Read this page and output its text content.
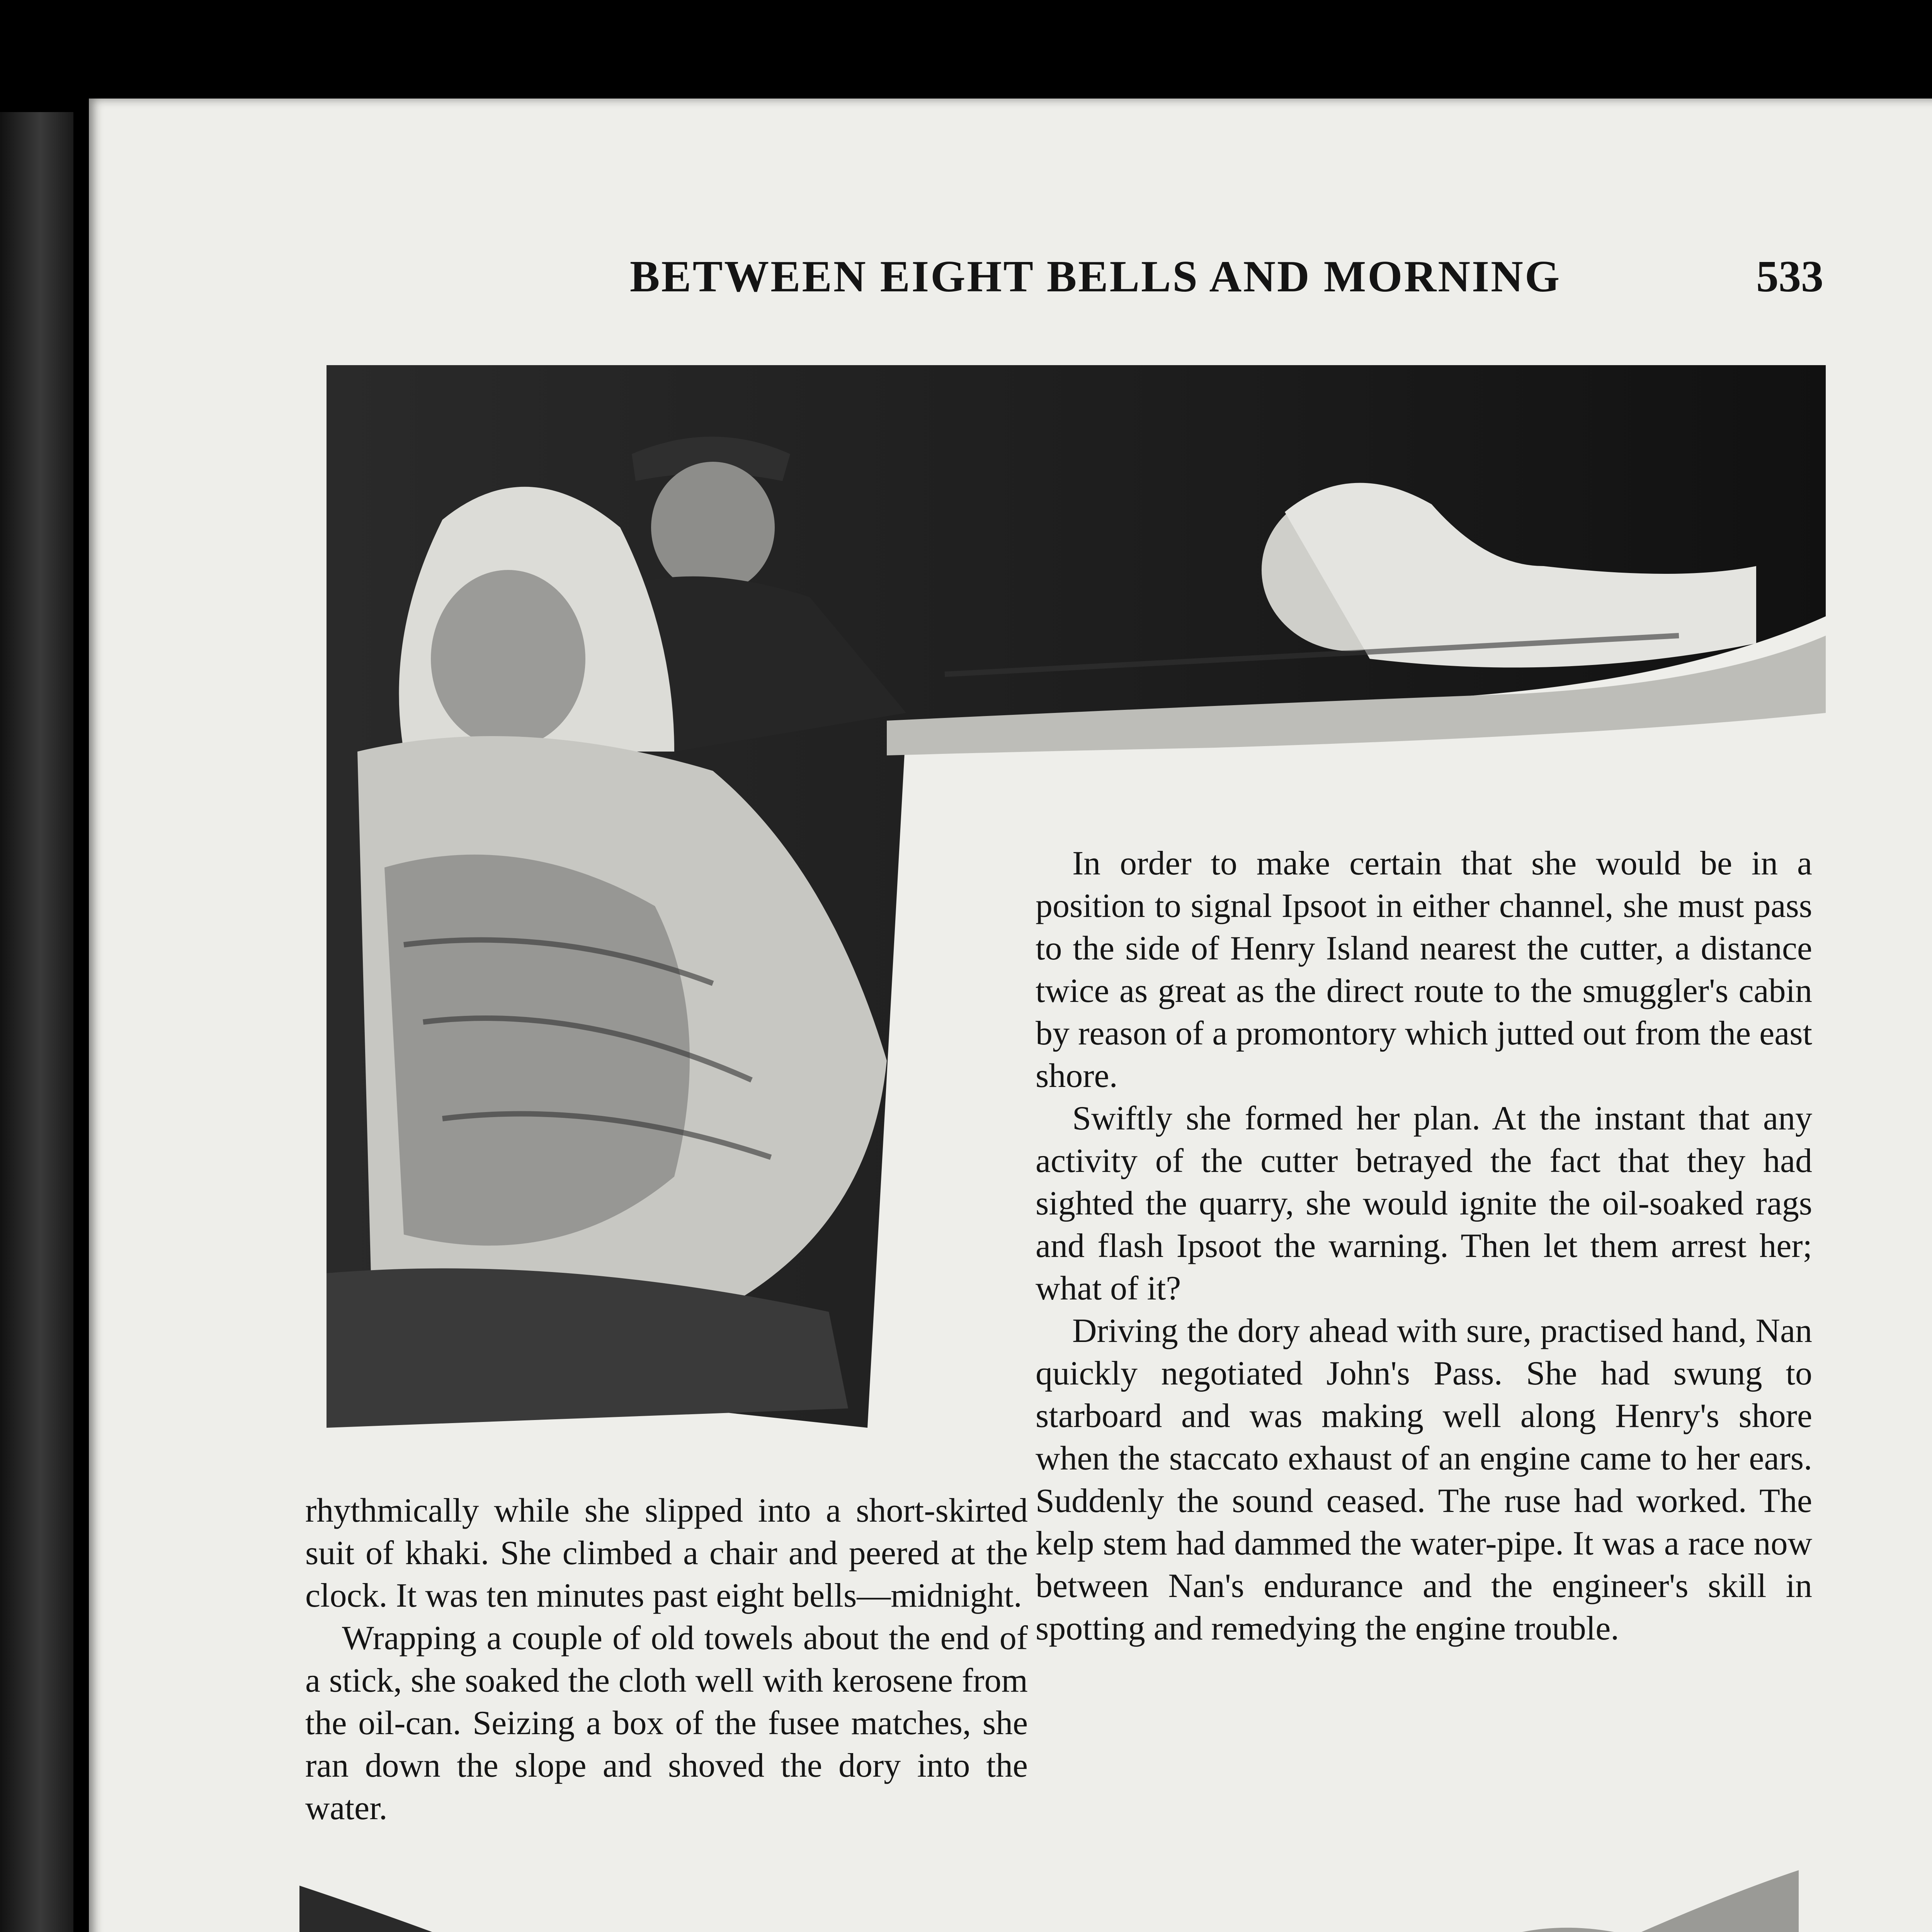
BETWEEN EIGHT BELLS AND MORNING	533

In order to make certain that she would be in a position to signal Ipsoot in either channel, she must pass to the side of Henry Island nearest the cutter, a distance twice as great as the direct route to the smuggler's cabin by reason of a promontory which jutted out from the east shore.

Swiftly she formed her plan. At the instant that any activity of the cutter betrayed the fact that they had sighted the quarry, she would ignite the oil-soaked rags and flash Ipsoot the warning. Then let them arrest her; what of it?

Driving the dory ahead with sure, practised hand, Nan quickly negotiated John's Pass. She had swung to starboard and was making well along Henry's shore when the staccato exhaust of an engine came to her ears. Suddenly the sound ceased. The ruse had worked. The kelp stem had dammed the water-pipe. It was a race now between Nan's endurance and the engineer's skill in spotting and remedying the engine trouble.

rhythmically while she slipped into a short-skirted suit of khaki. She climbed a chair and peered at the clock. It was ten minutes past eight bells—midnight.

Wrapping a couple of old towels about the end of a stick, she soaked the cloth well with kerosene from the oil-can. Seizing a box of the fusee matches, she ran down the slope and shoved the dory into the water.
